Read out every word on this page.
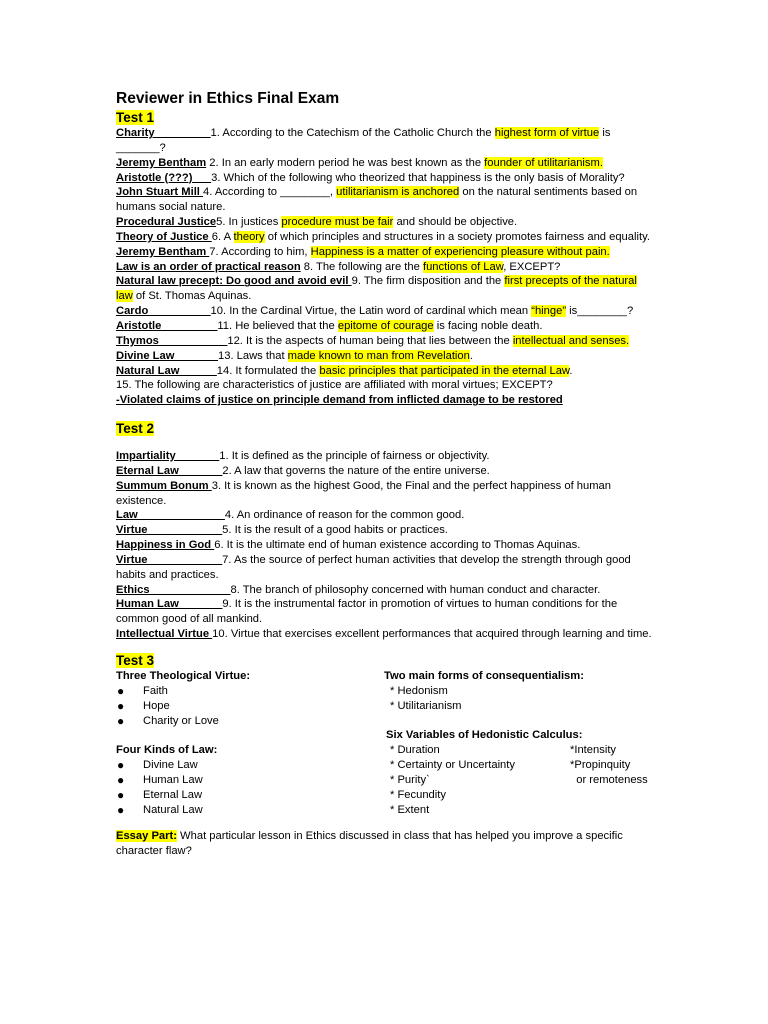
Reviewer in Ethics Final Exam

Test 1

Charity_________1. According to the Catechism of the Catholic Church the highest form of virtue is _______?

Jeremy Bentham 2. In an early modern period he was best known as the founder of utilitarianism.

Aristotle (???)___3. Which of the following who theorized that happiness is the only basis of Morality?

John Stuart Mill 4. According to ________, utilitarianism is anchored on the natural sentiments based on humans social nature.

Procedural Justice5. In justices procedure must be fair and should be objective.

Theory of Justice 6. A theory of which principles and structures in a society promotes fairness and equality.

Jeremy Bentham 7. According to him, Happiness is a matter of experiencing pleasure without pain.

Law is an order of practical reason 8. The following are the functions of Law, EXCEPT?

Natural law precept: Do good and avoid evil 9. The firm disposition and the first precepts of the natural law of St. Thomas Aquinas.

Cardo__________10. In the Cardinal Virtue, the Latin word of cardinal which mean “hinge” is________?

Aristotle_________11. He believed that the epitome of courage is facing noble death.

Thymos___________12. It is the aspects of human being that lies between the intellectual and senses.

Divine Law_______13. Laws that made known to man from Revelation.

Natural Law______14. It formulated the basic principles that participated in the eternal Law.

15. The following are characteristics of justice are affiliated with moral virtues; EXCEPT?

-Violated claims of justice on principle demand from inflicted damage to be restored

Test 2

Impartiality_______1. It is defined as the principle of fairness or objectivity.

Eternal Law_______2. A law that governs the nature of the entire universe.

Summum Bonum 3. It is known as the highest Good, the Final and the perfect happiness of human existence.

Law______________4. An ordinance of reason for the common good.

Virtue____________5. It is the result of a good habits or practices.

Happiness in God 6. It is the ultimate end of human existence according to Thomas Aquinas.

Virtue____________7. As the source of perfect human activities that develop the strength through good habits and practices.

Ethics_____________8. The branch of philosophy concerned with human conduct and character.

Human Law_______9. It is the instrumental factor in promotion of virtues to human conditions for the common good of all mankind.

Intellectual Virtue 10. Virtue that exercises excellent performances that acquired through learning and time.

Test 3

Three Theological Virtue:
● Faith
● Hope
● Charity or Love
Four Kinds of Law:
● Divine Law
● Human Law
● Eternal Law
● Natural Law
Two main forms of consequentialism:
* Hedonism
* Utilitarianism
Six Variables of Hedonistic Calculus:
* Duration	*Intensity
* Certainty or Uncertainty	*Propinquity
* Purity`	or remoteness
* Fecundity
* Extent

Essay Part: What particular lesson in Ethics discussed in class that has helped you improve a specific character flaw?
